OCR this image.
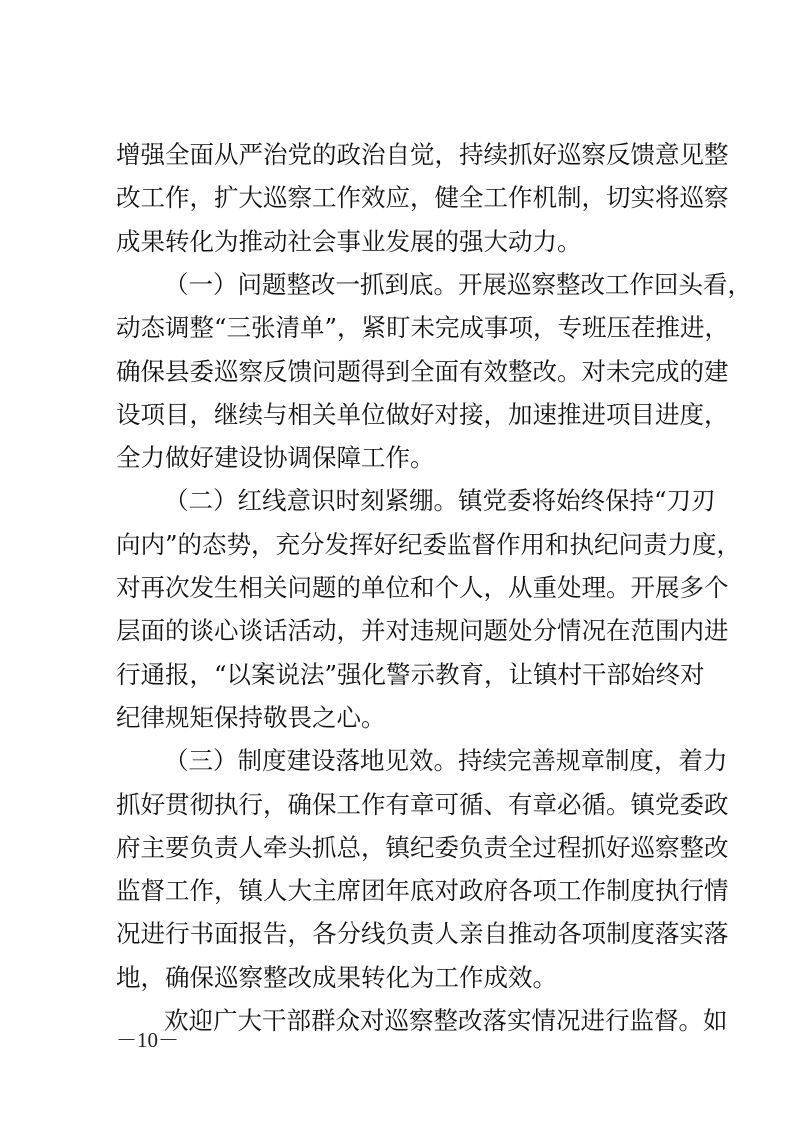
增强全面从严治党的政治自觉，持续抓好巡察反馈意见整
改工作，扩大巡察工作效应，健全工作机制，切实将巡察
成果转化为推动社会事业发展的强大动力。
（一）问题整改一抓到底。开展巡察整改工作回头看，
动态调整“三张清单”，紧盯未完成事项，专班压茬推进，
确保县委巡察反馈问题得到全面有效整改。对未完成的建
设项目，继续与相关单位做好对接，加速推进项目进度，
全力做好建设协调保障工作。
（二）红线意识时刻紧绷。镇党委将始终保持“刀刃
向内”的态势，充分发挥好纪委监督作用和执纪问责力度，
对再次发生相关问题的单位和个人，从重处理。开展多个
层面的谈心谈话活动，并对违规问题处分情况在范围内进
行通报，“以案说法”强化警示教育，让镇村干部始终对
纪律规矩保持敬畏之心。
（三）制度建设落地见效。持续完善规章制度，着力
抓好贯彻执行，确保工作有章可循、有章必循。镇党委政
府主要负责人牵头抓总，镇纪委负责全过程抓好巡察整改
监督工作，镇人大主席团年底对政府各项工作制度执行情
况进行书面报告，各分线负责人亲自推动各项制度落实落
地，确保巡察整改成果转化为工作成效。
－10－
欢迎广大干部群众对巡察整改落实情况进行监督。如
